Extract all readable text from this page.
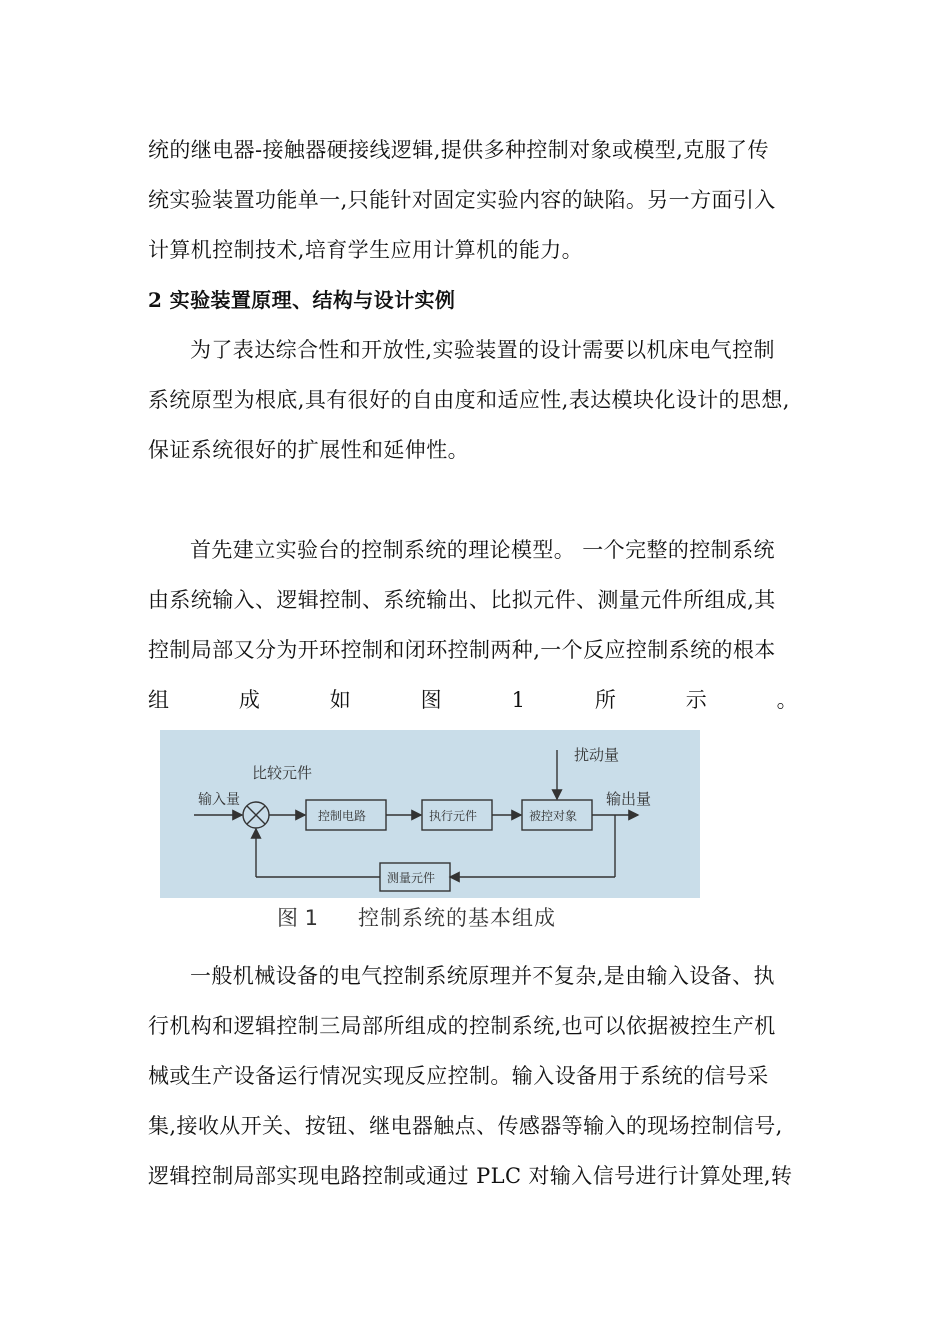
统的继电器-接触器硬接线逻辑,提供多种控制对象或模型,克服了传
统实验装置功能单一,只能针对固定实验内容的缺陷。另一方面引入
计算机控制技术,培育学生应用计算机的能力。
2 实验装置原理、结构与设计实例
为了表达综合性和开放性,实验装置的设计需要以机床电气控制
系统原型为根底,具有很好的自由度和适应性,表达模块化设计的思想,
保证系统很好的扩展性和延伸性。
首先建立实验台的控制系统的理论模型。 一个完整的控制系统
由系统输入、逻辑控制、系统输出、比拟元件、测量元件所组成,其
控制局部又分为开环控制和闭环控制两种,一个反应控制系统的根本
组	成	如	图	1	所	示	。
比较元件
输入量
扰动量
输出量
控制电路	执行元件	被控对象
测量元件
图 1 控制系统的基本组成
一般机械设备的电气控制系统原理并不复杂,是由输入设备、执
行机构和逻辑控制三局部所组成的控制系统,也可以依据被控生产机
械或生产设备运行情况实现反应控制。输入设备用于系统的信号采
集,接收从开关、按钮、继电器触点、传感器等输入的现场控制信号,
逻辑控制局部实现电路控制或通过 PLC 对输入信号进行计算处理,转
